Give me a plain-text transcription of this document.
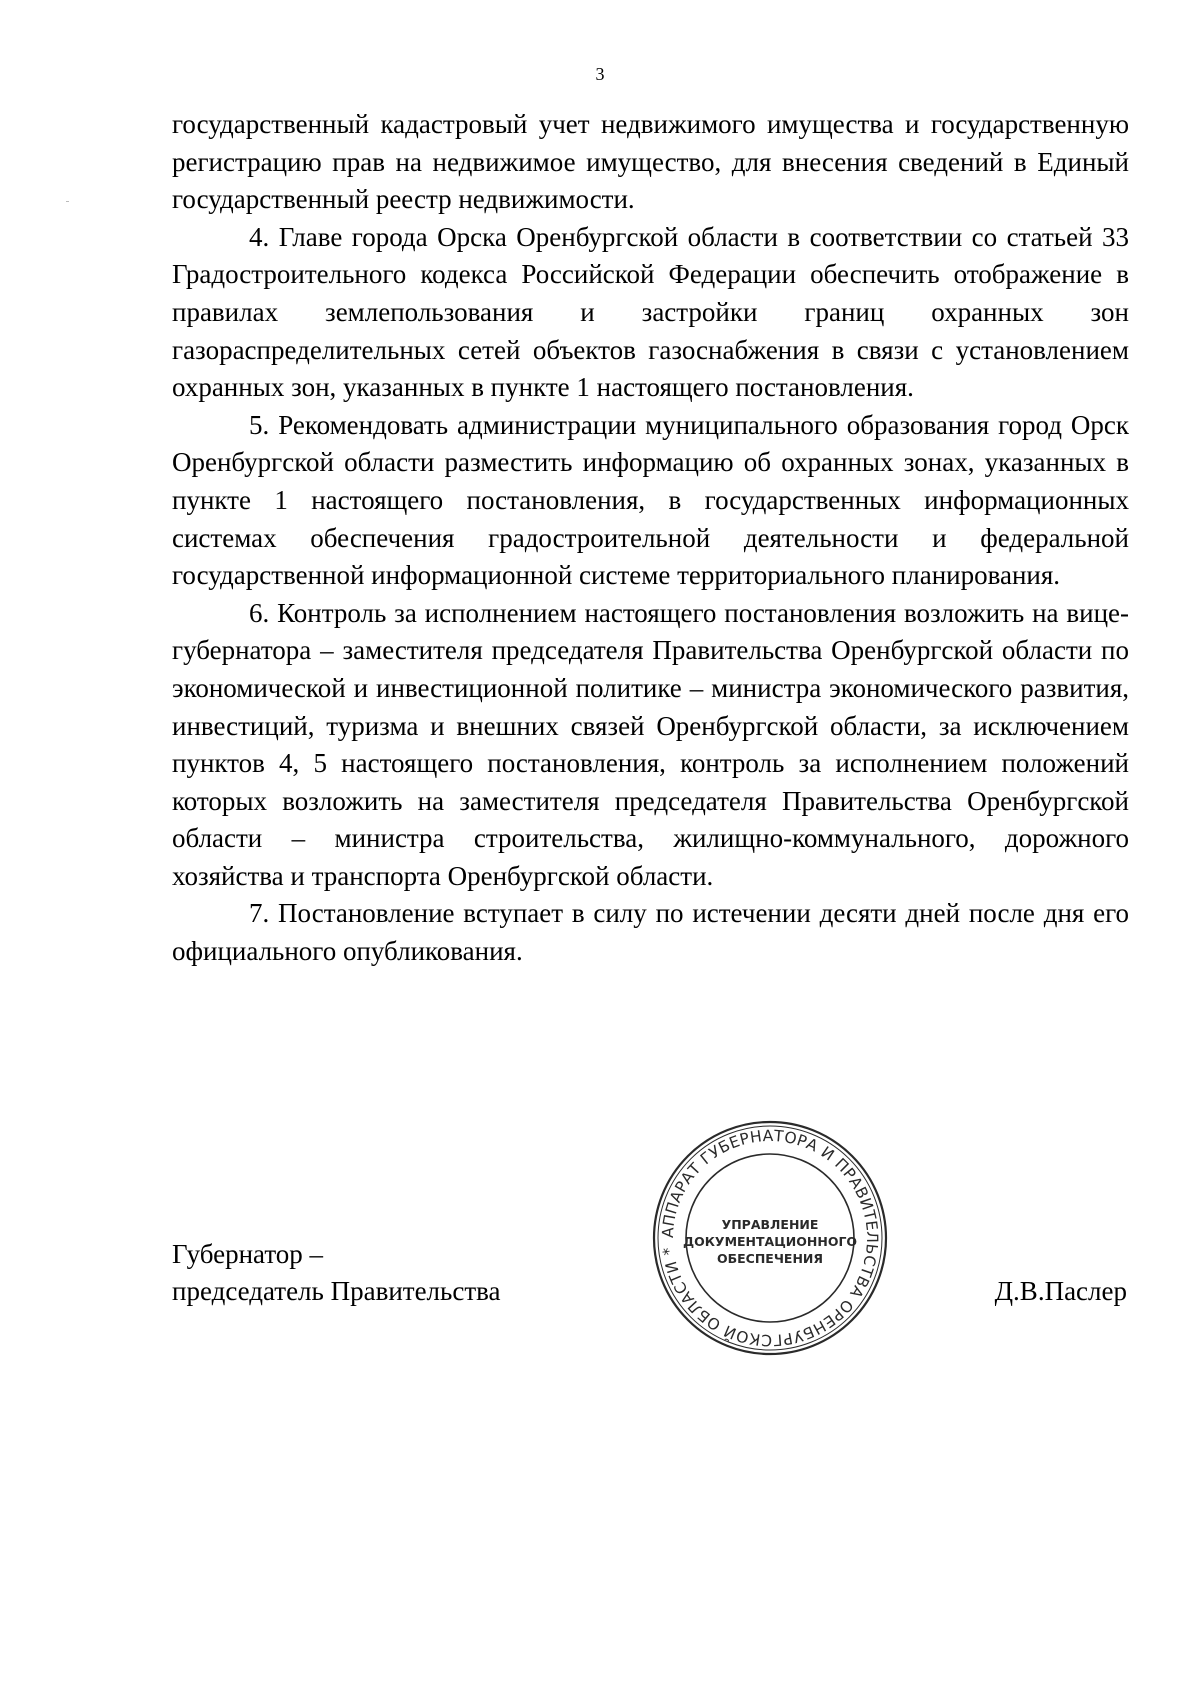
3

государственный кадастровый учет недвижимого имущества и государственную регистрацию прав на недвижимое имущество, для внесения сведений в Единый государственный реестр недвижимости.

4. Главе города Орска Оренбургской области в соответствии со статьей 33 Градостроительного кодекса Российской Федерации обеспечить отображение в правилах землепользования и застройки границ охранных зон газораспределительных сетей объектов газоснабжения в связи с установлением охранных зон, указанных в пункте 1 настоящего постановления.

5. Рекомендовать администрации муниципального образования город Орск Оренбургской области разместить информацию об охранных зонах, указанных в пункте 1 настоящего постановления, в государственных информационных системах обеспечения градостроительной деятельности и федеральной государственной информационной системе территориального планирования.

6. Контроль за исполнением настоящего постановления возложить на вице-губернатора – заместителя председателя Правительства Оренбургской области по экономической и инвестиционной политике – министра экономического развития, инвестиций, туризма и внешних связей Оренбургской области, за исключением пунктов 4, 5 настоящего постановления, контроль за исполнением положений которых возложить на заместителя председателя Правительства Оренбургской области – министра строительства, жилищно-коммунального, дорожного хозяйства и транспорта Оренбургской области.

7. Постановление вступает в силу по истечении десяти дней после дня его официального опубликования.

Губернатор –
председатель Правительства	Д.В.Паслер
АППАРАТ ГУБЕРНАТОРА И ПРАВИТЕЛЬСТВА ОРЕНБУРГСКОЙ ОБЛАСТИ *
УПРАВЛЕНИЕ
ДОКУМЕНТАЦИОННОГО
ОБЕСПЕЧЕНИЯ
